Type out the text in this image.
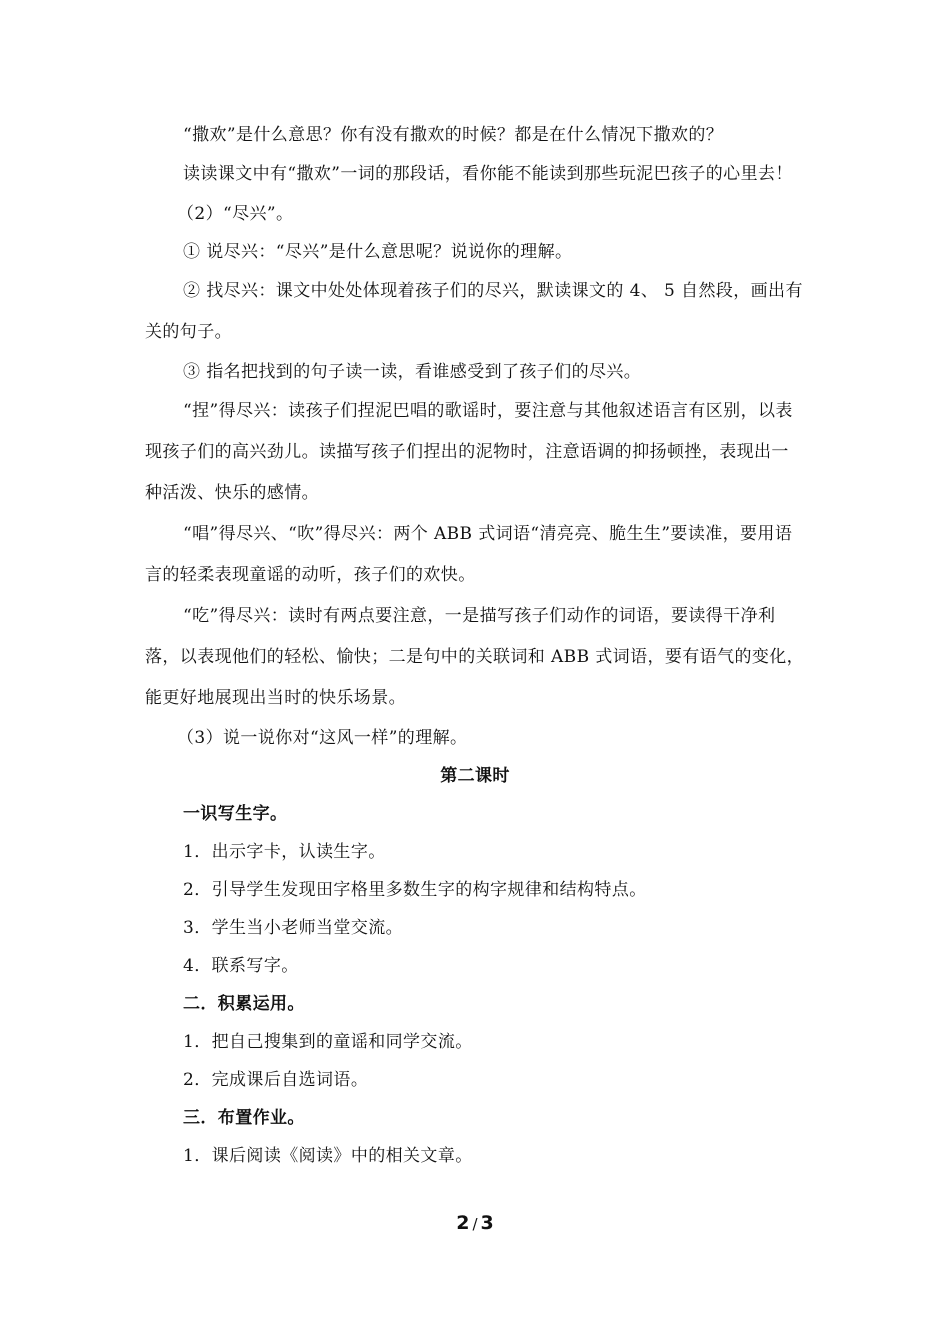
“撒欢”是什么意思？你有没有撒欢的时候？都是在什么情况下撒欢的？
读读课文中有“撒欢”一词的那段话，看你能不能读到那些玩泥巴孩子的心里去！
（2）“尽兴”。
① 说尽兴：“尽兴”是什么意思呢？说说你的理解。
② 找尽兴：课文中处处体现着孩子们的尽兴，默读课文的 4、 5 自然段，画出有关的句子。
③ 指名把找到的句子读一读，看谁感受到了孩子们的尽兴。
“捏”得尽兴：读孩子们捏泥巴唱的歌谣时，要注意与其他叙述语言有区别，以表现孩子们的高兴劲儿。读描写孩子们捏出的泥物时，注意语调的抑扬顿挫，表现出一种活泼、快乐的感情。
“唱”得尽兴、“吹”得尽兴：两个 ABB 式词语“清亮亮、脆生生”要读准，要用语言的轻柔表现童谣的动听，孩子们的欢快。
“吃”得尽兴：读时有两点要注意，一是描写孩子们动作的词语，要读得干净利落，以表现他们的轻松、愉快；二是句中的关联词和 ABB 式词语，要有语气的变化，能更好地展现出当时的快乐场景。
（3）说一说你对“这风一样”的理解。
第二课时
一识写生字。
1．出示字卡，认读生字。
2．引导学生发现田字格里多数生字的构字规律和结构特点。
3．学生当小老师当堂交流。
4．联系写字。
二．积累运用。
1．把自己搜集到的童谣和同学交流。
2．完成课后自选词语。
三．布置作业。
1．课后阅读《阅读》中的相关文章。
2 / 3
